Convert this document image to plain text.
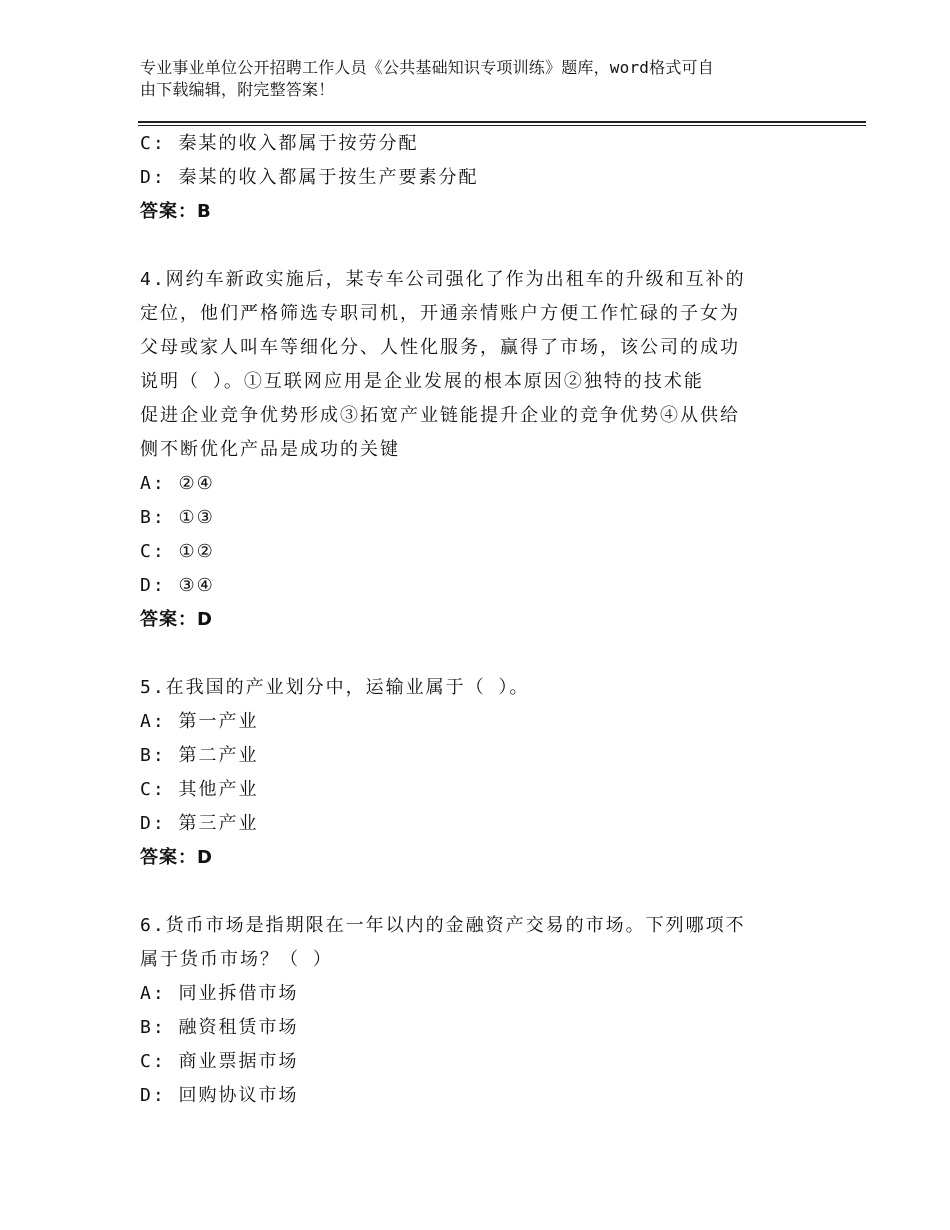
专业事业单位公开招聘工作人员《公共基础知识专项训练》题库，word格式可自
由下载编辑，附完整答案！
C: 秦某的收入都属于按劳分配
D: 秦某的收入都属于按生产要素分配
答案：B
4.网约车新政实施后，某专车公司强化了作为出租车的升级和互补的
定位，他们严格筛选专职司机，开通亲情账户方便工作忙碌的子女为
父母或家人叫车等细化分、人性化服务，赢得了市场，该公司的成功
说明（ ）。①互联网应用是企业发展的根本原因②独特的技术能
促进企业竞争优势形成③拓宽产业链能提升企业的竞争优势④从供给
侧不断优化产品是成功的关键
A: ②④
B: ①③
C: ①②
D: ③④
答案：D
5.在我国的产业划分中，运输业属于（ ）。
A: 第一产业
B: 第二产业
C: 其他产业
D: 第三产业
答案：D
6.货币市场是指期限在一年以内的金融资产交易的市场。下列哪项不
属于货币市场？（ ）
A: 同业拆借市场
B: 融资租赁市场
C: 商业票据市场
D: 回购协议市场
